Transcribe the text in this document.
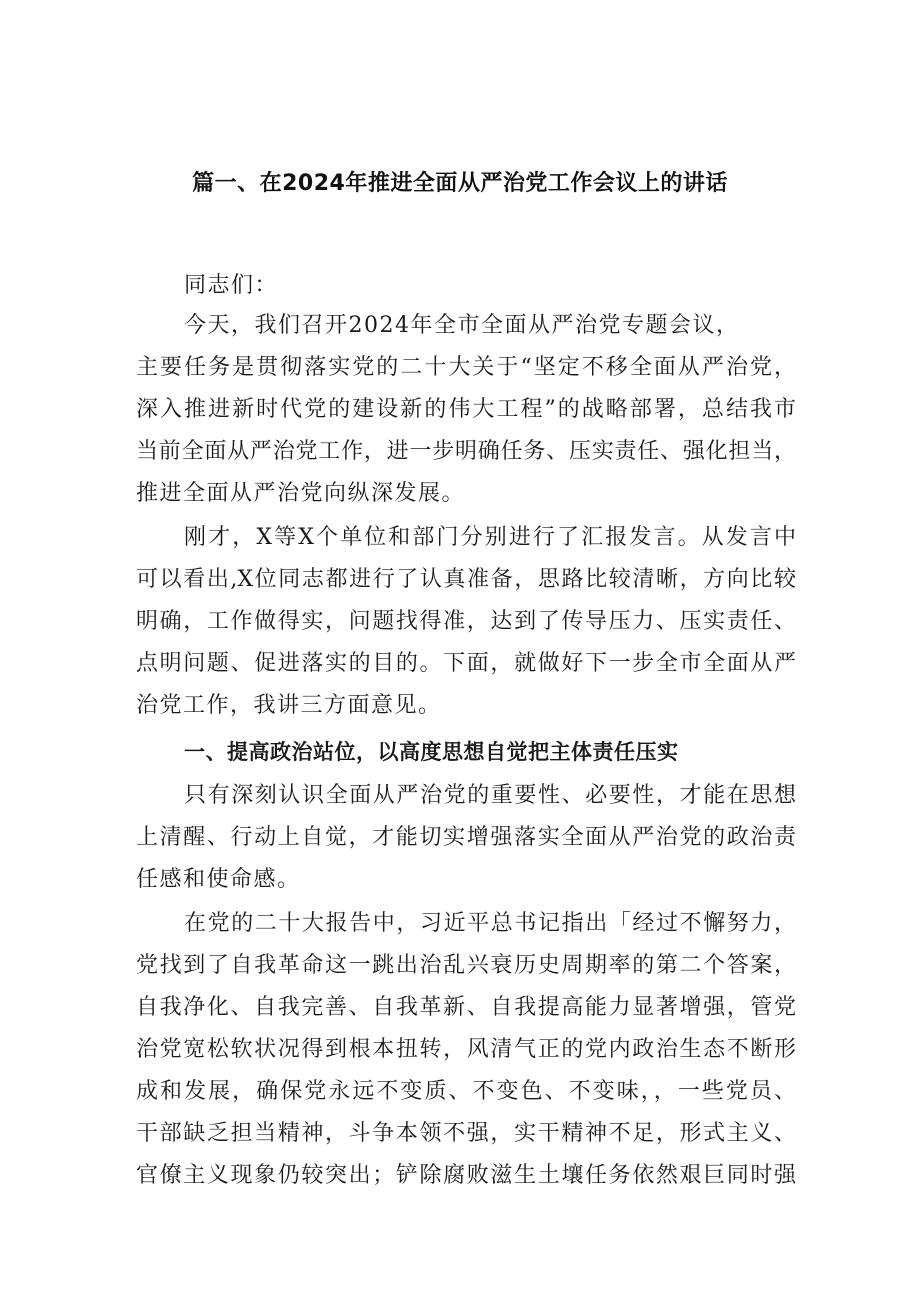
篇一、在2024年推进全面从严治党工作会议上的讲话
同志们：
今天，我们召开2024年全市全面从严治党专题会议，
主要任务是贯彻落实党的二十大关于“坚定不移全面从严治党，
深入推进新时代党的建设新的伟大工程”的战略部署，总结我市
当前全面从严治党工作，进一步明确任务、压实责任、强化担当，
推进全面从严治党向纵深发展。
刚才，X等X个单位和部门分别进行了汇报发言。从发言中
可以看出,X位同志都进行了认真准备，思路比较清晰，方向比较
明确，工作做得实，问题找得准，达到了传导压力、压实责任、
点明问题、促进落实的目的。下面，就做好下一步全市全面从严
治党工作，我讲三方面意见。
一、提高政治站位，以高度思想自觉把主体责任压实
只有深刻认识全面从严治党的重要性、必要性，才能在思想
上清醒、行动上自觉，才能切实增强落实全面从严治党的政治责
任感和使命感。
在党的二十大报告中，习近平总书记指出「经过不懈努力，
党找到了自我革命这一跳出治乱兴衰历史周期率的第二个答案，
自我净化、自我完善、自我革新、自我提高能力显著增强，管党
治党宽松软状况得到根本扭转，风清气正的党内政治生态不断形
成和发展，确保党永远不变质、不变色、不变味，，一些党员、
干部缺乏担当精神，斗争本领不强，实干精神不足，形式主义、
官僚主义现象仍较突出；铲除腐败滋生土壤任务依然艰巨同时强
